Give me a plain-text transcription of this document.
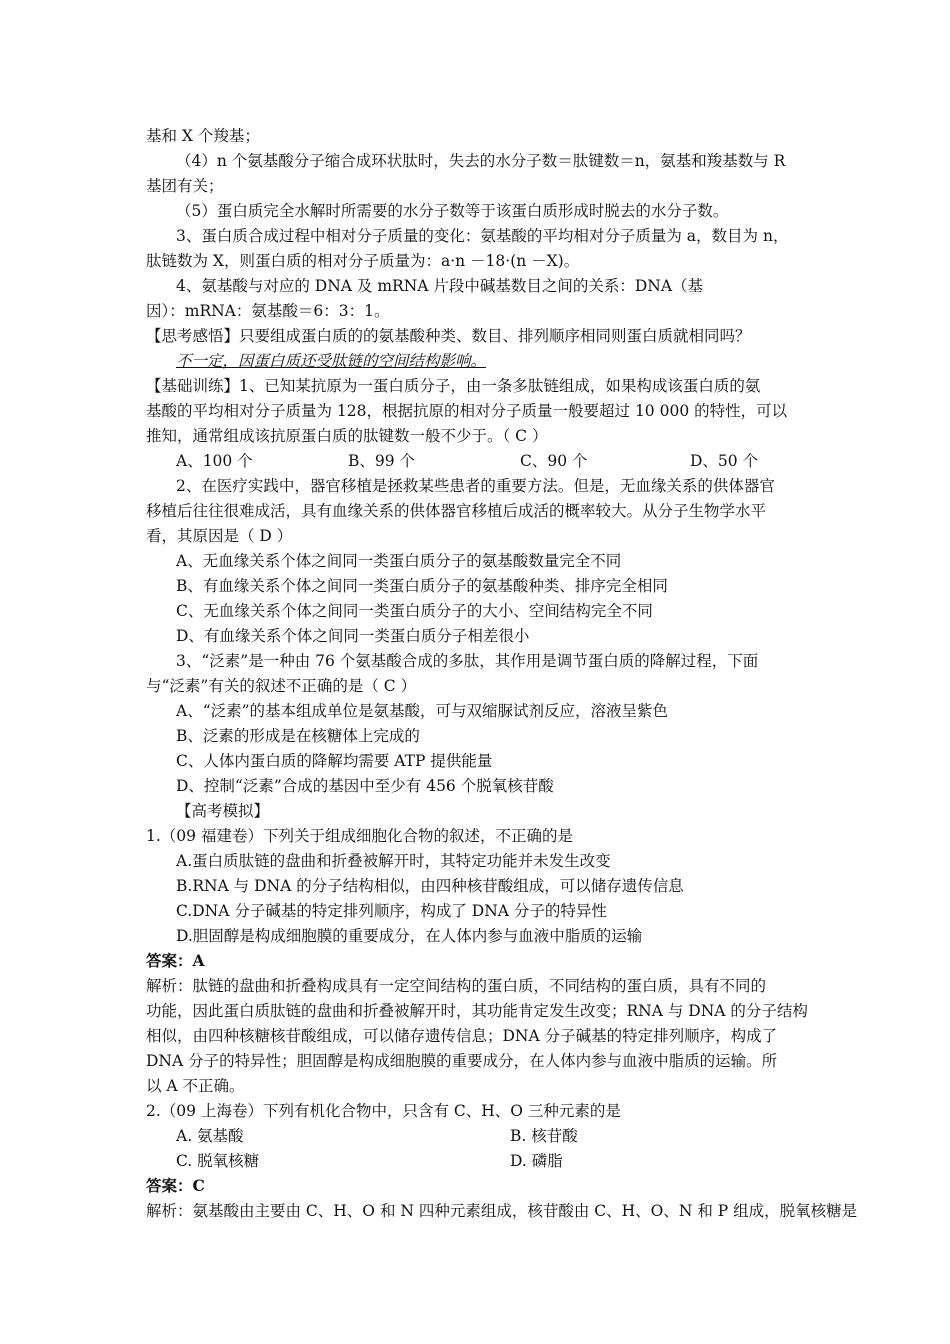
基和 X 个羧基；
（4）n 个氨基酸分子缩合成环状肽时，失去的水分子数＝肽键数＝n，氨基和羧基数与 R
基团有关；
（5）蛋白质完全水解时所需要的水分子数等于该蛋白质形成时脱去的水分子数。
3、蛋白质合成过程中相对分子质量的变化：氨基酸的平均相对分子质量为 a，数目为 n，
肽链数为 X，则蛋白质的相对分子质量为：a·n －18·(n －X)。
4、氨基酸与对应的 DNA 及 mRNA 片段中碱基数目之间的关系：DNA（基
因）：mRNA：氨基酸＝6：3：1。
【思考感悟】只要组成蛋白质的的氨基酸种类、数目、排列顺序相同则蛋白质就相同吗？
不一定，因蛋白质还受肽链的空间结构影响。
【基础训练】1、已知某抗原为一蛋白质分子，由一条多肽链组成，如果构成该蛋白质的氨
基酸的平均相对分子质量为 128，根据抗原的相对分子质量一般要超过 10 000 的特性，可以
推知，通常组成该抗原蛋白质的肽键数一般不少于。（ C ）
A、100 个	B、99 个	C、90 个	D、50 个
2、在医疗实践中，器官移植是拯救某些患者的重要方法。但是，无血缘关系的供体器官
移植后往往很难成活，具有血缘关系的供体器官移植后成活的概率较大。从分子生物学水平
看，其原因是（ D ）
A、无血缘关系个体之间同一类蛋白质分子的氨基酸数量完全不同
B、有血缘关系个体之间同一类蛋白质分子的氨基酸种类、排序完全相同
C、无血缘关系个体之间同一类蛋白质分子的大小、空间结构完全不同
D、有血缘关系个体之间同一类蛋白质分子相差很小
3、“泛素”是一种由 76 个氨基酸合成的多肽，其作用是调节蛋白质的降解过程，下面
与“泛素”有关的叙述不正确的是（ C ）
A、“泛素”的基本组成单位是氨基酸，可与双缩脲试剂反应，溶液呈紫色
B、泛素的形成是在核糖体上完成的
C、人体内蛋白质的降解均需要 ATP 提供能量
D、控制“泛素”合成的基因中至少有 456 个脱氧核苷酸
【高考模拟】
1.（09 福建卷）下列关于组成细胞化合物的叙述，不正确的是
A.蛋白质肽链的盘曲和折叠被解开时，其特定功能并未发生改变
B.RNA 与 DNA 的分子结构相似，由四种核苷酸组成，可以储存遗传信息
C.DNA 分子碱基的特定排列顺序，构成了 DNA 分子的特异性
D.胆固醇是构成细胞膜的重要成分，在人体内参与血液中脂质的运输
答案：A
解析：肽链的盘曲和折叠构成具有一定空间结构的蛋白质，不同结构的蛋白质，具有不同的
功能，因此蛋白质肽链的盘曲和折叠被解开时，其功能肯定发生改变；RNA 与 DNA 的分子结构
相似，由四种核糖核苷酸组成，可以储存遗传信息；DNA 分子碱基的特定排列顺序，构成了
DNA 分子的特异性；胆固醇是构成细胞膜的重要成分，在人体内参与血液中脂质的运输。所
以 A 不正确。
2.（09 上海卷）下列有机化合物中，只含有 C、H、O 三种元素的是
A. 氨基酸	B. 核苷酸
C. 脱氧核糖	D. 磷脂
答案：C
解析：氨基酸由主要由 C、H、O 和 N 四种元素组成，核苷酸由 C、H、O、N 和 P 组成，脱氧核糖是
